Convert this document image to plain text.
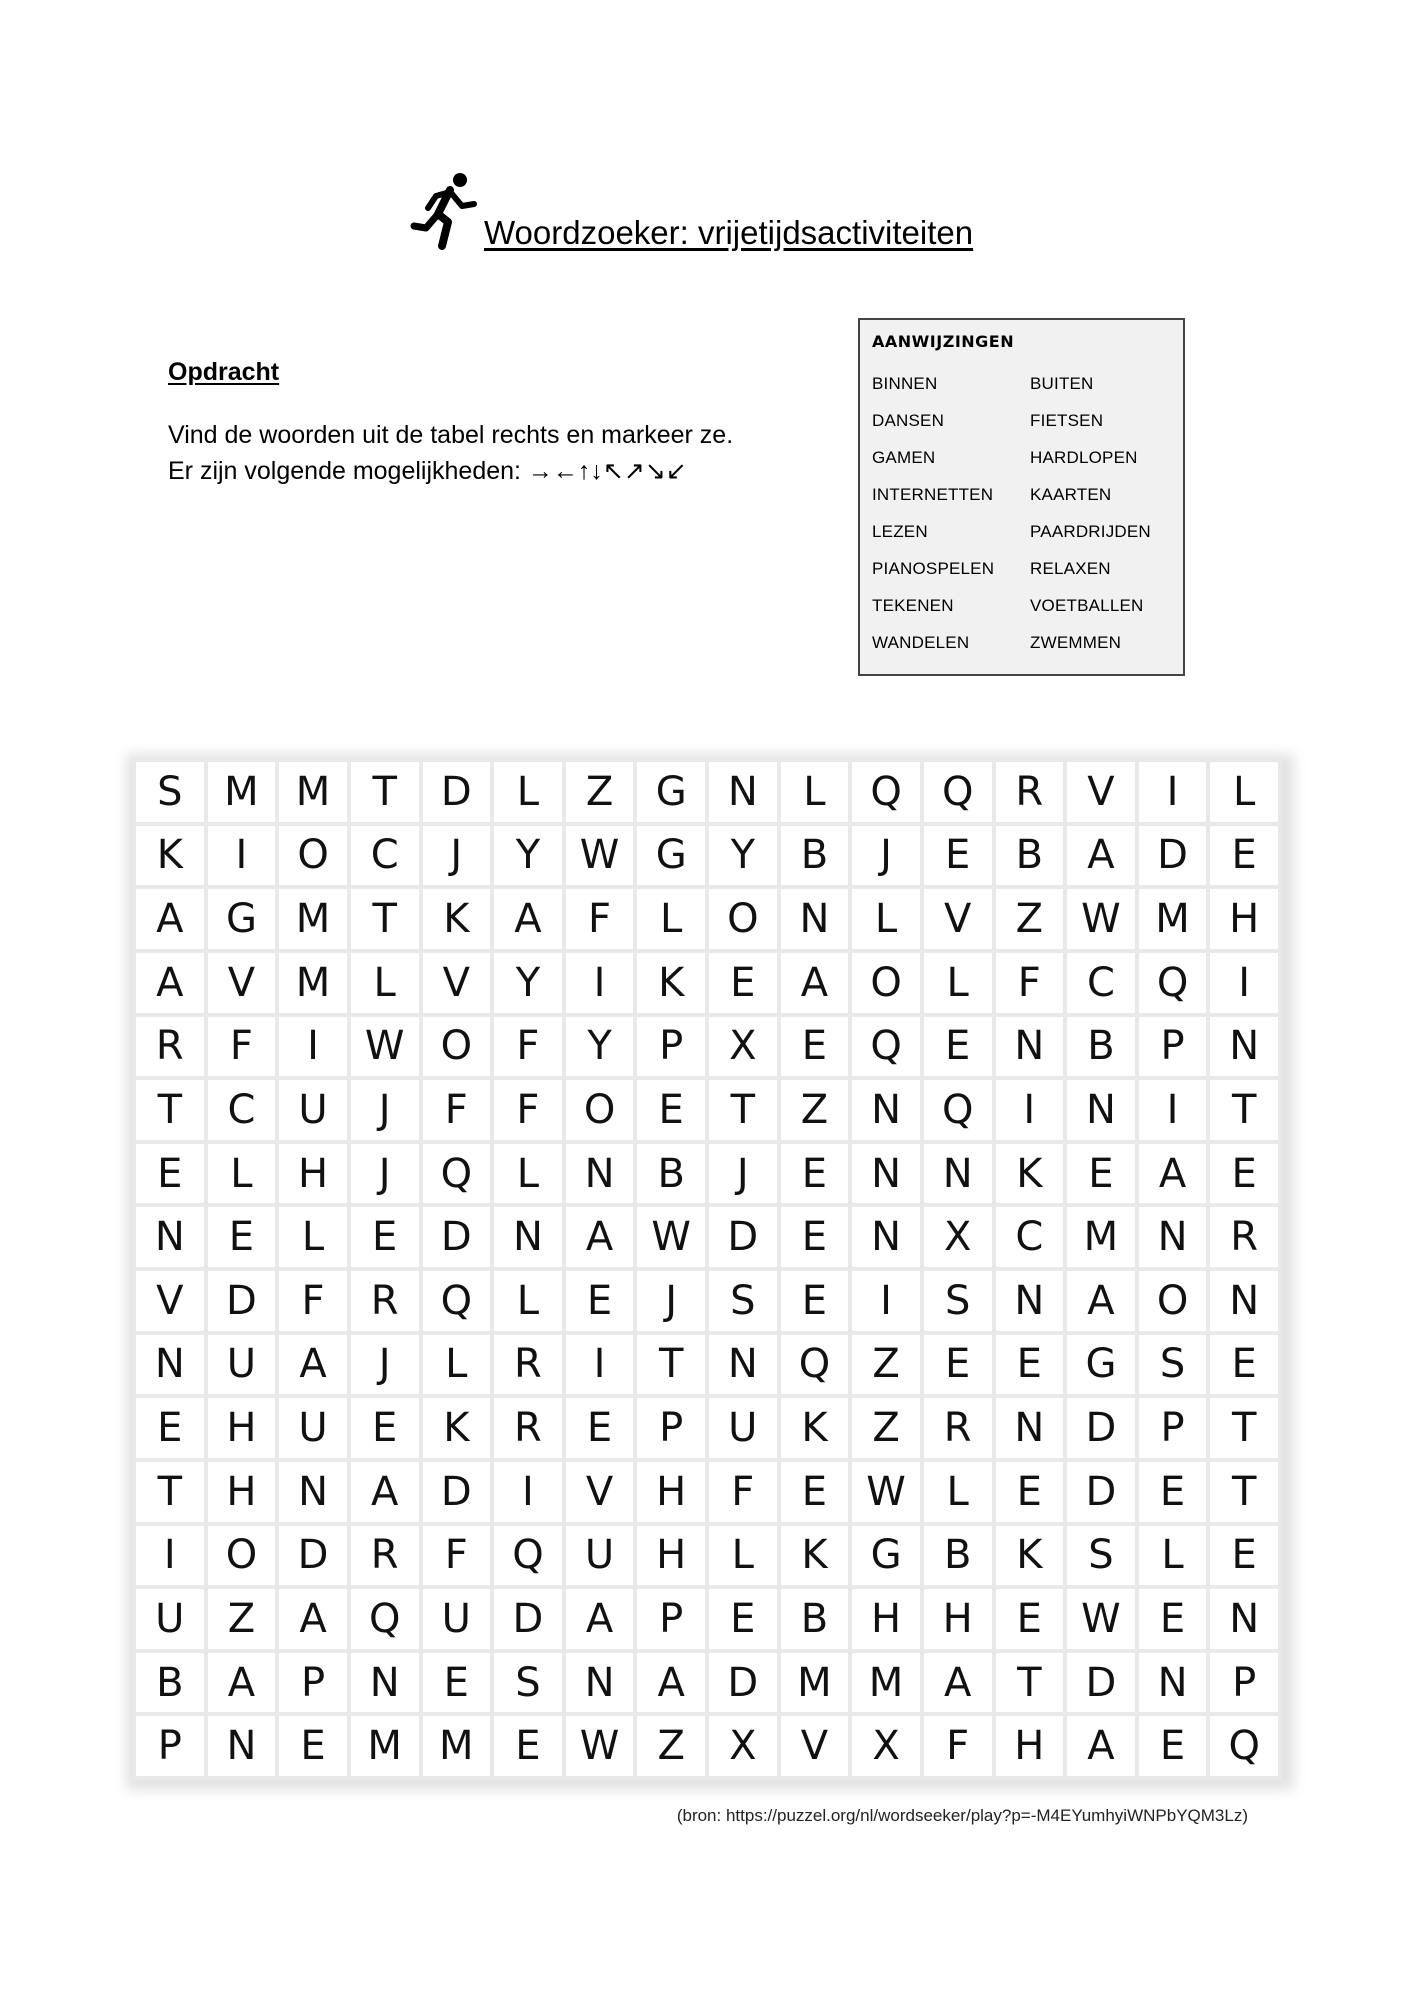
Woordzoeker: vrijetijdsactiviteiten
Opdracht
Vind de woorden uit de tabel rechts en markeer ze.
Er zijn volgende mogelijkheden: →←↑↓↖↗↘↙
AANWIJZINGEN
BINNEN	BUITEN
DANSEN	FIETSEN
GAMEN	HARDLOPEN
INTERNETTEN	KAARTEN
LEZEN	PAARDRIJDEN
PIANOSPELEN	RELAXEN
TEKENEN	VOETBALLEN
WANDELEN	ZWEMMEN
S	M M	T	D	L	Z	G	N	L	Q	Q	R	V	I	L
K	I	O	C	J	Y W G	Y	B	J	E	B	A	D	E
A	G M	T	K	A	F	L	O	N	L	V	Z W M H
A	V	M	L	V	Y	I	K	E	A	O	L	F	C	Q	I
R	F	I	W O	F	Y	P	X	E	Q	E	N	B	P	N
T	C	U	J	F	F	O	E	T	Z	N	Q	I	N	I	T
E	L	H	J	Q	L	N	B	J	E	N	N	K	E	A	E
N	E	L	E	D	N	A W D	E	N	X	C	M N	R
V	D	F	R	Q	L	E	J	S	E	I	S	N	A	O	N
N	U	A	J	L	R	I	T	N	Q	Z	E	E	G	S	E
E	H	U	E	K	R	E	P	U	K	Z	R	N	D	P	T
T	H	N	A	D	I	V	H	F	E W	L	E	D	E	T
I	O	D	R	F	Q	U	H	L	K	G	B	K	S	L	E
U	Z	A	Q	U	D	A	P	E	B	H	H	E W E	N
B	A	P	N	E	S	N	A	D M M	A	T	D	N	P
P	N	E	M M	E W Z	X	V	X	F	H	A	E	Q
(bron: https://puzzel.org/nl/wordseeker/play?p=-M4EYumhyiWNPbYQM3Lz)
